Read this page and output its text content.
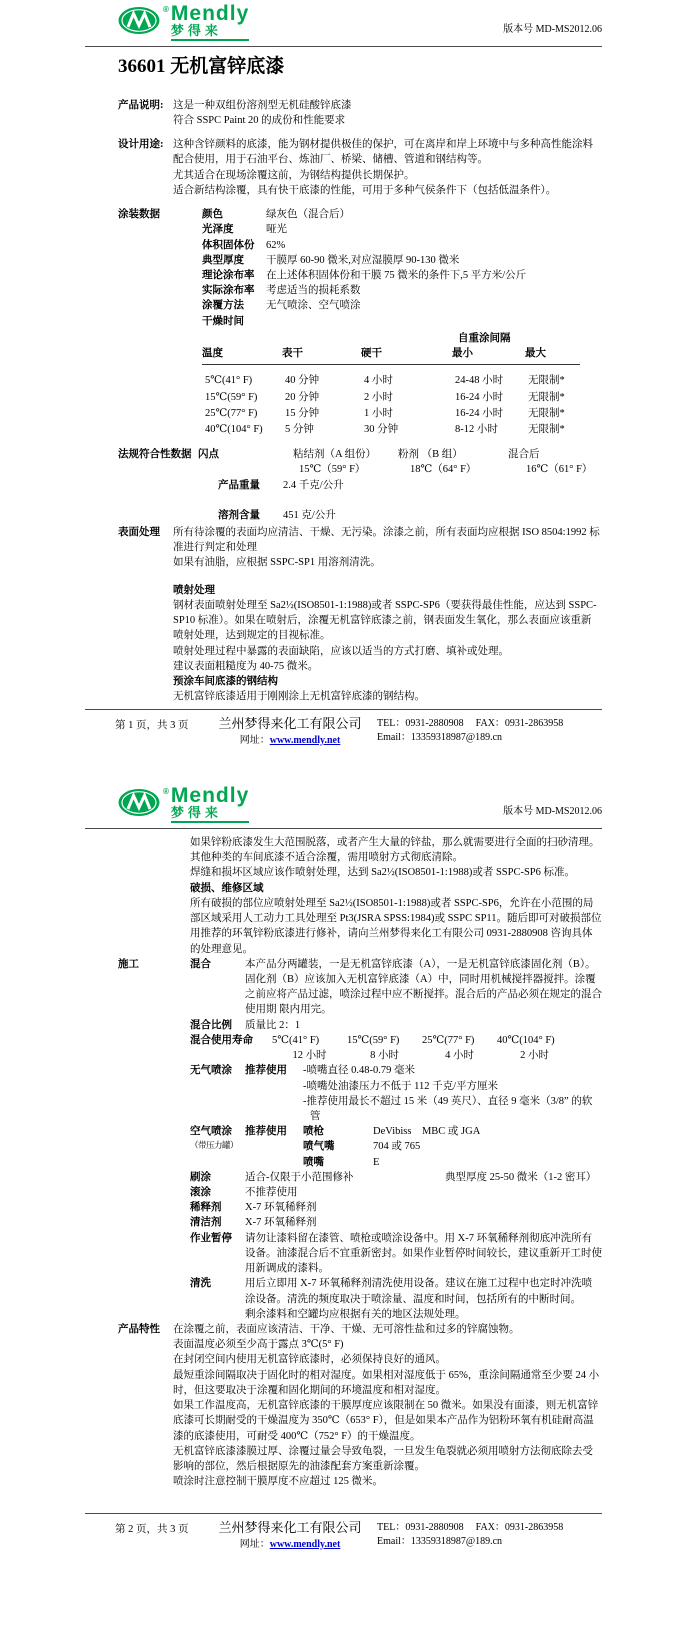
® Mendly
梦得来	版本号 MD-MS2012.06
36601 无机富锌底漆
产品说明: 这是一种双组份溶剂型无机硅酸锌底漆

符合 SSPC Paint 20 的成份和性能要求

设计用途: 这种含锌颜料的底漆，能为钢材提供极佳的保护，可在离岸和岸上环境中与多种高性能涂料配合使用，用于石油平台、炼油厂、桥梁、储槽、管道和钢结构等。

尤其适合在现场涂覆这前，为钢结构提供长期保护。

适合新结构涂覆，具有快干底漆的性能，可用于多种气侯条件下（包括低温条件）。

涂装数据	颜色	绿灰色（混合后）
光泽度	哑光
体积固体份	62%
典型厚度	干膜厚 60-90 微米,对应湿膜厚 90-130 微米
理论涂布率	在上述体积固体份和干膜 75 微米的条件下,5 平方米/公斤
实际涂布率	考虑适当的损耗系数
涂覆方法	无气喷涂、空气喷涂
干燥时间
自重涂间隔
温度	表干	硬干	最小	最大
5℃(41° F)	40 分钟	4 小时	24-48 小时	无限制*
15℃(59° F)	20 分钟	2 小时	16-24 小时	无限制*
25℃(77° F)	15 分钟	1 小时	16-24 小时	无限制*
40℃(104° F)	5 分钟	30 分钟	8-12 小时	无限制*
法规符合性数据 闪点	粘结剂（A 组份）	粉剂 （B 组）	混合后
15℃（59° F）	18℃（64° F）	16℃（61° F）
产品重量	2.4 千克/公升
溶剂含量	451 克/公升
表面处理	所有待涂覆的表面均应清洁、干燥、无污染。涂漆之前，所有表面均应根据 ISO 8504:1992 标准进行判定和处理

如果有油脂，应根据 SSPC-SP1 用溶剂清洗。

喷射处理

钢材表面喷射处理至 Sa2½(ISO8501-1:1988)或者 SSPC-SP6（要获得最佳性能，应达到 SSPC-SP10 标准）。如果在喷射后，涂覆无机富锌底漆之前，钢表面发生氧化，那么表面应该重新喷射处理，达到规定的目视标准。

喷射处理过程中暴露的表面缺陷，应该以适当的方式打磨、填补或处理。

建议表面粗糙度为 40-75 微米。

预涂车间底漆的钢结构

无机富锌底漆适用于刚刚涂上无机富锌底漆的钢结构。

第 1 页，共 3 页	兰州梦得来化工有限公司
网址：www.mendly.net
TEL：0931-2880908 FAX：0931-2863958
Email：13359318987@189.cn
® Mendly
梦得来	版本号 MD-MS2012.06

如果锌粉底漆发生大范围脱落，或者产生大量的锌盐，那么就需要进行全面的扫砂清理。

其他种类的车间底漆不适合涂覆，需用喷射方式彻底清除。

焊缝和损坏区域应该作喷射处理，达到 Sa2½(ISO8501-1:1988)或者 SSPC-SP6 标准。

破损、维修区域

所有破损的部位应喷射处理至 Sa2½(ISO8501-1:1988)或者 SSPC-SP6，允许在小范围的局部区域采用人工动力工具处理至 Pt3(JSRA SPSS:1984)或 SSPC SP11。随后即可对破损部位用推荐的环氧锌粉底漆进行修补，请向兰州梦得来化工有限公司 0931-2880908 咨询具体的处理意见。

施工	混合	本产品分两罐装，一是无机富锌底漆（A），一是无机富锌底漆固化剂（B）。固化剂（B）应该加入无机富锌底漆（A）中，同时用机械搅拌器搅拌。涂覆之前应将产品过滤，喷涂过程中应不断搅拌。混合后的产品必须在规定的混合使用期 限内用完。
混合比例	质量比 2：1
混合使用寿命	5℃(41° F)	15℃(59° F)	25℃(77° F)	40℃(104° F)
12 小时	8 小时	4 小时	2 小时
无气喷涂	推荐使用	-喷嘴直径 0.48-0.79 毫米

-喷嘴处油漆压力不低于 112 千克/平方厘米

-推荐使用最长不超过 15 米（49 英尺）、直径 9 毫米（3/8” 的软管

空气喷涂
（带压力罐）
推荐使用	喷枪	DeVibiss　MBC 或 JGA
喷气嘴	704 或 765
喷嘴	E
刷涂	适合-仅限于小范围修补	典型厚度 25-50 微米（1-2 密耳）
滚涂	不推荐使用
稀释剂	X-7 环氧稀释剂
清洁剂	X-7 环氧稀释剂
作业暂停	请勿让漆料留在漆管、喷枪或喷涂设备中。用 X-7 环氧稀释剂彻底冲洗所有设备。油漆混合后不宜重新密封。如果作业暂停时间较长，建议重新开工时使用新调成的漆料。
清洗	用后立即用 X-7 环氧稀释剂清洗使用设备。建议在施工过程中也定时冲洗喷涂设备。清洗的频度取决于喷涂量、温度和时间，包括所有的中断时间。

剩余漆料和空罐均应根据有关的地区法规处理。

产品特性	在涂覆之前，表面应该清洁、干净、干燥、无可溶性盐和过多的锌腐蚀物。

表面温度必须至少高于露点 3℃(5° F)

在封闭空间内使用无机富锌底漆时，必须保持良好的通风。

最短重涂间隔取决于固化时的相对湿度。如果相对湿度低于 65%，重涂间隔通常至少要 24 小时，但这要取决于涂覆和固化期间的环境温度和相对湿度。

如果工作温度高，无机富锌底漆的干膜厚度应该限制在 50 微米。如果没有面漆，则无机富锌底漆可长期耐受的干燥温度为 350℃（653° F），但是如果本产品作为铝粉环氧有机硅耐高温漆的底漆使用，可耐受 400℃（752° F）的干燥温度。

无机富锌底漆漆膜过厚、涂覆过量会导致龟裂，一旦发生龟裂就必须用喷射方法彻底除去受影响的部位，然后根据原先的油漆配套方案重新涂覆。

喷涂时注意控制干膜厚度不应超过 125 微米。

第 2 页，共 3 页	兰州梦得来化工有限公司
网址：www.mendly.net
TEL：0931-2880908 FAX：0931-2863958
Email：13359318987@189.cn
